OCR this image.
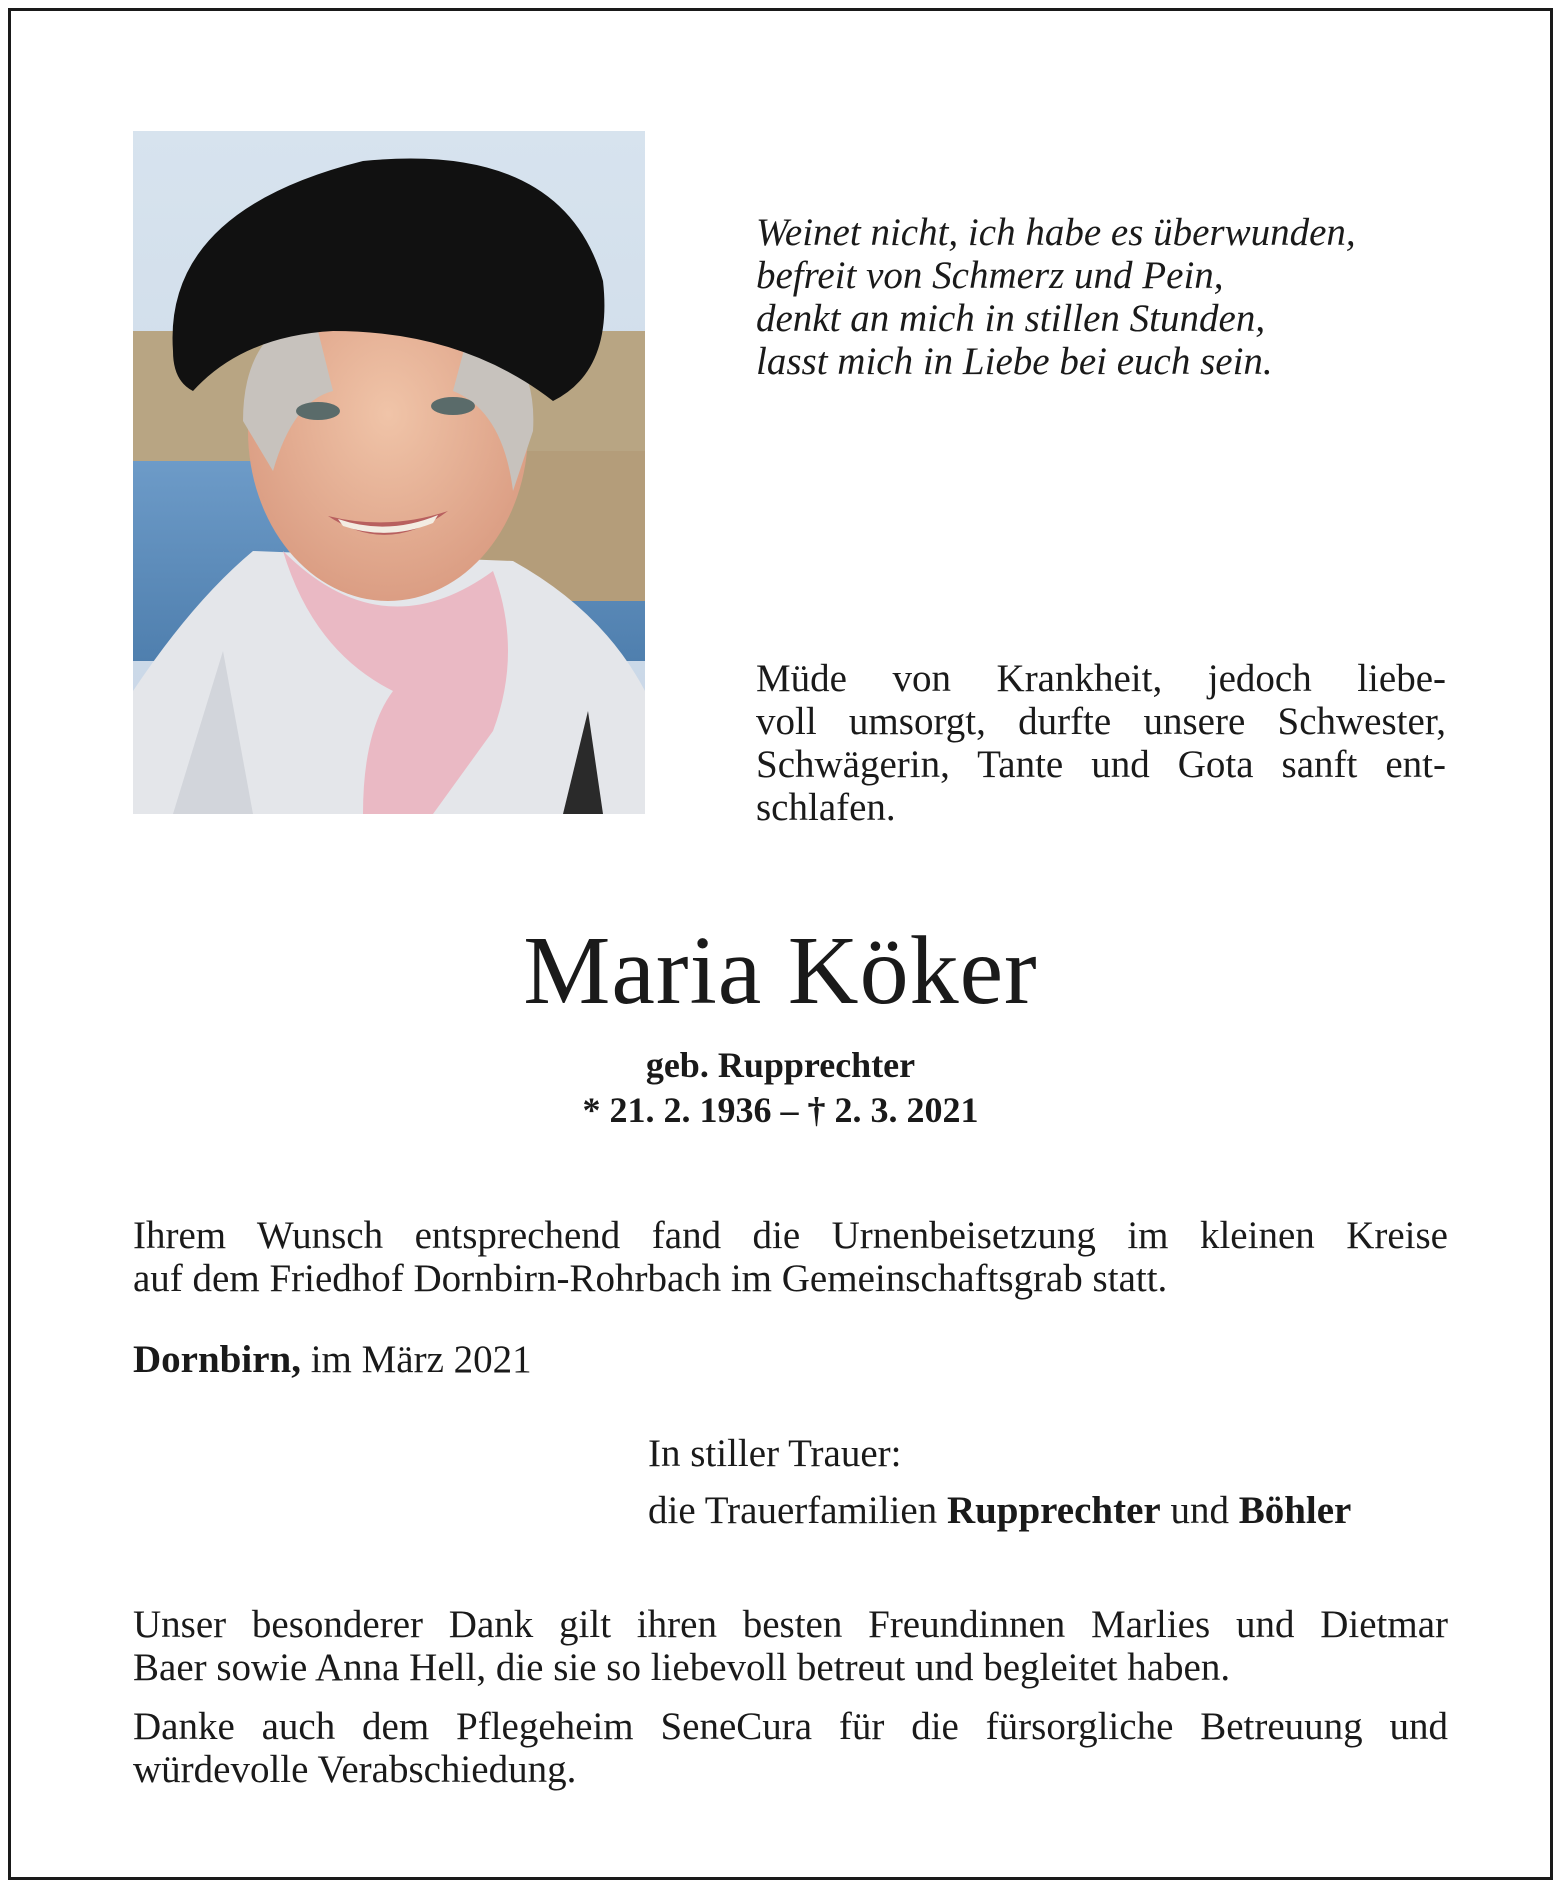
Weinet nicht, ich habe es überwunden,
befreit von Schmerz und Pein,
denkt an mich in stillen Stunden,
lasst mich in Liebe bei euch sein.
Müde von Krankheit, jedoch liebe-
voll umsorgt, durfte unsere Schwester,
Schwägerin, Tante und Gota sanft ent-
schlafen.
Maria Köker
geb. Rupprechter
* 21. 2. 1936 – † 2. 3. 2021
Ihrem Wunsch entsprechend fand die Urnenbeisetzung im kleinen Kreise
auf dem Friedhof Dornbirn-Rohrbach im Gemeinschaftsgrab statt.
Dornbirn, im März 2021
In stiller Trauer:
die Trauerfamilien Rupprechter und Böhler
Unser besonderer Dank gilt ihren besten Freundinnen Marlies und Dietmar
Baer sowie Anna Hell, die sie so liebevoll betreut und begleitet haben.
Danke auch dem Pflegeheim SeneCura für die fürsorgliche Betreuung und
würdevolle Verabschiedung.
